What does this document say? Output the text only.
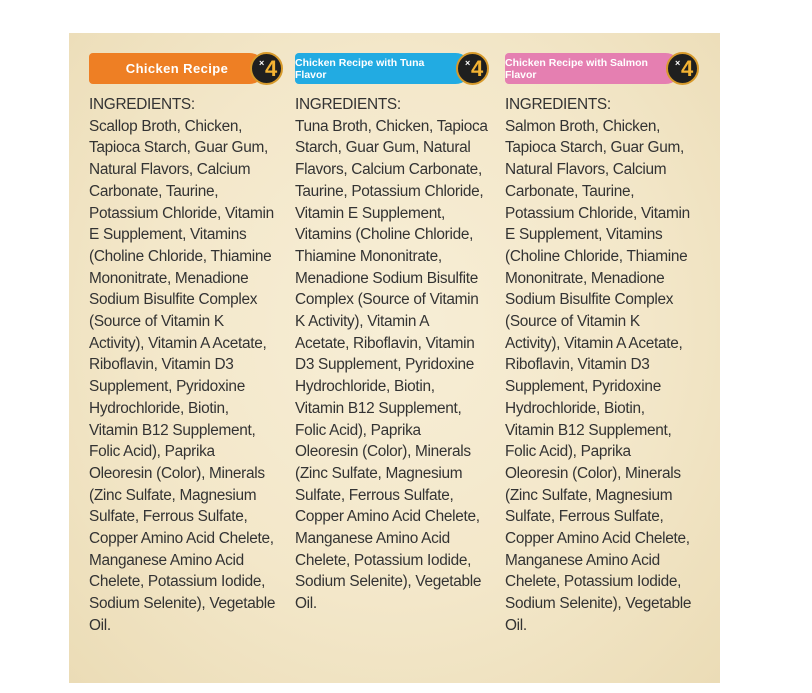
Chicken Recipe	× 4
INGREDIENTS:
Scallop Broth, Chicken,
Tapioca Starch, Guar Gum,
Natural Flavors, Calcium
Carbonate, Taurine,
Potassium Chloride, Vitamin
E Supplement, Vitamins
(Choline Chloride, Thiamine
Mononitrate, Menadione
Sodium Bisulfite Complex
(Source of Vitamin K
Activity), Vitamin A Acetate,
Riboflavin, Vitamin D3
Supplement, Pyridoxine
Hydrochloride, Biotin,
Vitamin B12 Supplement,
Folic Acid), Paprika
Oleoresin (Color), Minerals
(Zinc Sulfate, Magnesium
Sulfate, Ferrous Sulfate,
Copper Amino Acid Chelete,
Manganese Amino Acid
Chelete, Potassium Iodide,
Sodium Selenite), Vegetable
Oil.
Chicken Recipe with Tuna Flavor
× 4
INGREDIENTS:
Tuna Broth, Chicken, Tapioca
Starch, Guar Gum, Natural
Flavors, Calcium Carbonate,
Taurine, Potassium Chloride,
Vitamin E Supplement,
Vitamins (Choline Chloride,
Thiamine Mononitrate,
Menadione Sodium Bisulfite
Complex (Source of Vitamin
K Activity), Vitamin A
Acetate, Riboflavin, Vitamin
D3 Supplement, Pyridoxine
Hydrochloride, Biotin,
Vitamin B12 Supplement,
Folic Acid), Paprika
Oleoresin (Color), Minerals
(Zinc Sulfate, Magnesium
Sulfate, Ferrous Sulfate,
Copper Amino Acid Chelete,
Manganese Amino Acid
Chelete, Potassium Iodide,
Sodium Selenite), Vegetable
Oil.
Chicken Recipe with Salmon Flavor
× 4
INGREDIENTS:
Salmon Broth, Chicken,
Tapioca Starch, Guar Gum,
Natural Flavors, Calcium
Carbonate, Taurine,
Potassium Chloride, Vitamin
E Supplement, Vitamins
(Choline Chloride, Thiamine
Mononitrate, Menadione
Sodium Bisulfite Complex
(Source of Vitamin K
Activity), Vitamin A Acetate,
Riboflavin, Vitamin D3
Supplement, Pyridoxine
Hydrochloride, Biotin,
Vitamin B12 Supplement,
Folic Acid), Paprika
Oleoresin (Color), Minerals
(Zinc Sulfate, Magnesium
Sulfate, Ferrous Sulfate,
Copper Amino Acid Chelete,
Manganese Amino Acid
Chelete, Potassium Iodide,
Sodium Selenite), Vegetable
Oil.
